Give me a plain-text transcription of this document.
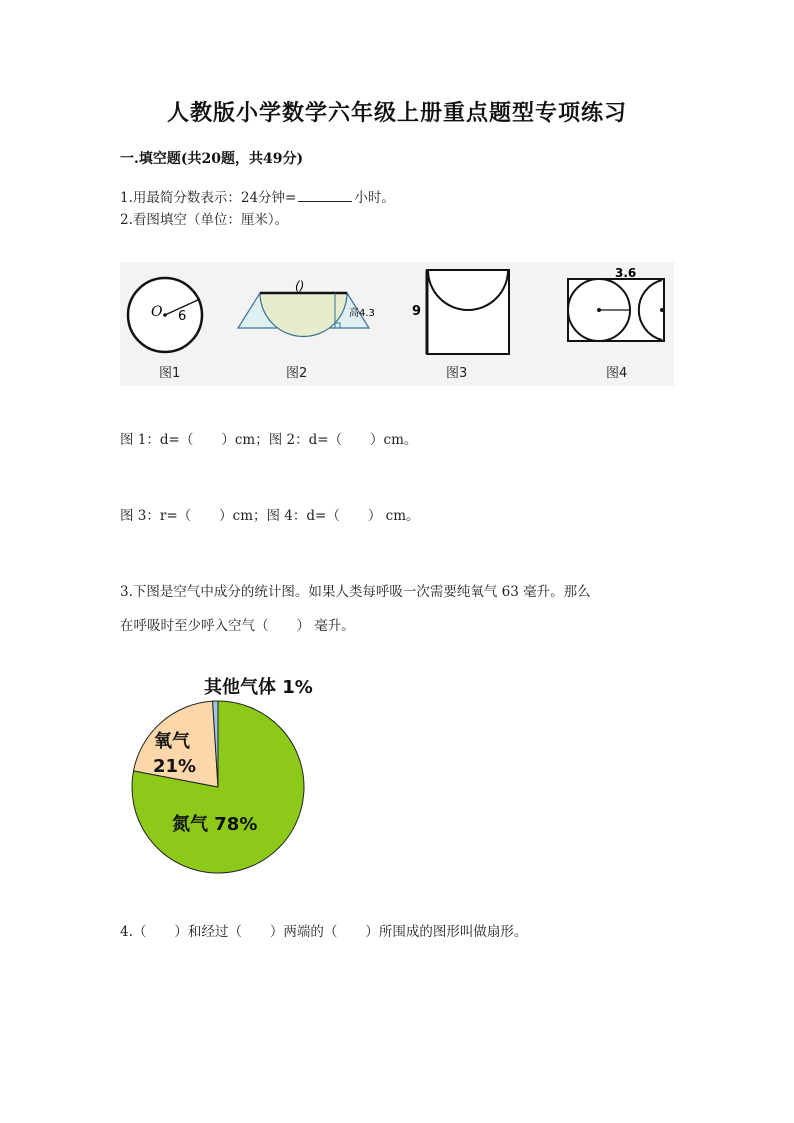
人教版小学数学六年级上册重点题型专项练习
一.填空题(共20题，共49分)
1.用最简分数表示：24分钟=	小时。
2.看图填空（单位：厘米）。
O 6
()
高4.3	9
3.6
图1	图2	图3	图4
图 1：d=（ ）cm；图 2：d=（ ）cm。
图 3：r=（ ）cm；图 4：d=（ ） cm。
3.下图是空气中成分的统计图。如果人类每呼吸一次需要纯氧气 63 毫升。那么
在呼吸时至少呼入空气（ ） 毫升。
其他气体 1%
氧气
21%
氮气 78%
4.（ ）和经过（ ）两端的（ ）所围成的图形叫做扇形。
